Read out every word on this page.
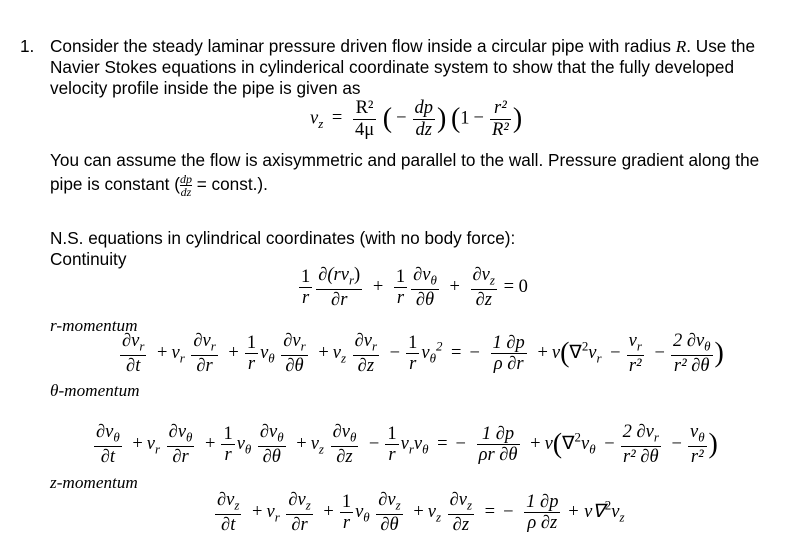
1. Consider the steady laminar pressure driven flow inside a circular pipe with radius R. Use the
Navier Stokes equations in cylinderical coordinate system to show that the fully developed
velocity profile inside the pipe is given as
$v_z = \frac{\text{R²}}{4\mu}$ ( − $\frac{dp}{dz}$ ) ($1 - \frac{\text{r²}}{\text{R²}}$ )
You can assume the flow is axisymmetric and parallel to the wall. Pressure gradient along the
pipe is constant ( $\frac{dp}{dz}$ = const.).
N.S. equations in cylindrical coordinates (with no body force):
Continuity
$\frac{1}{r} \frac{\partial(rv_r)}{\partial r} + \frac{1}{r} \frac{\partial v_\theta}{\partial\theta} + \frac{\partial v_z}{\partial z} = 0$
r-momentum
$\frac{\partial v_r}{\partial t} + v_r \frac{\partial v_r}{\partial r} + \frac{1}{r} v_\theta \frac{\partial v_r}{\partial\theta} + v_z \frac{\partial v_r}{\partial z} - \frac{1}{r} v_\theta^2$ = − $\frac{1 \partial p}{\rho \partial r} + \nu(\nabla^2v_r - \frac{v_r}{\text{r²}} - \frac{2 \partial v_\theta}{\text{r² ∂θ}}$ )
θ-momentum
$\frac{\partial v_\theta}{\partial t} + v_r \frac{\partial v_\theta}{\partial r} + \frac{1}{r} v_\theta \frac{\partial v_\theta}{\partial\theta} + v_z \frac{\partial v_\theta}{\partial z} - \frac{1}{r} v_rv_\theta$ = − $\frac{1 \partial p}{\rho r \partial\theta} + \nu(\nabla^2v_\theta - \frac{2 \partial v_r}{\text{r² ∂θ}} - \frac{v_\theta}{\text{r²}}$ )
z-momentum
$\frac{\partial v_z}{\partial t} + v_r \frac{\partial v_z}{\partial r} + \frac{1}{r} v_\theta \frac{\partial v_z}{\partial\theta} + v_z \frac{\partial v_z}{\partial z}$ = − $\frac{1 \partial p}{\rho \partial z} + \nu\nabla^2v_z$
